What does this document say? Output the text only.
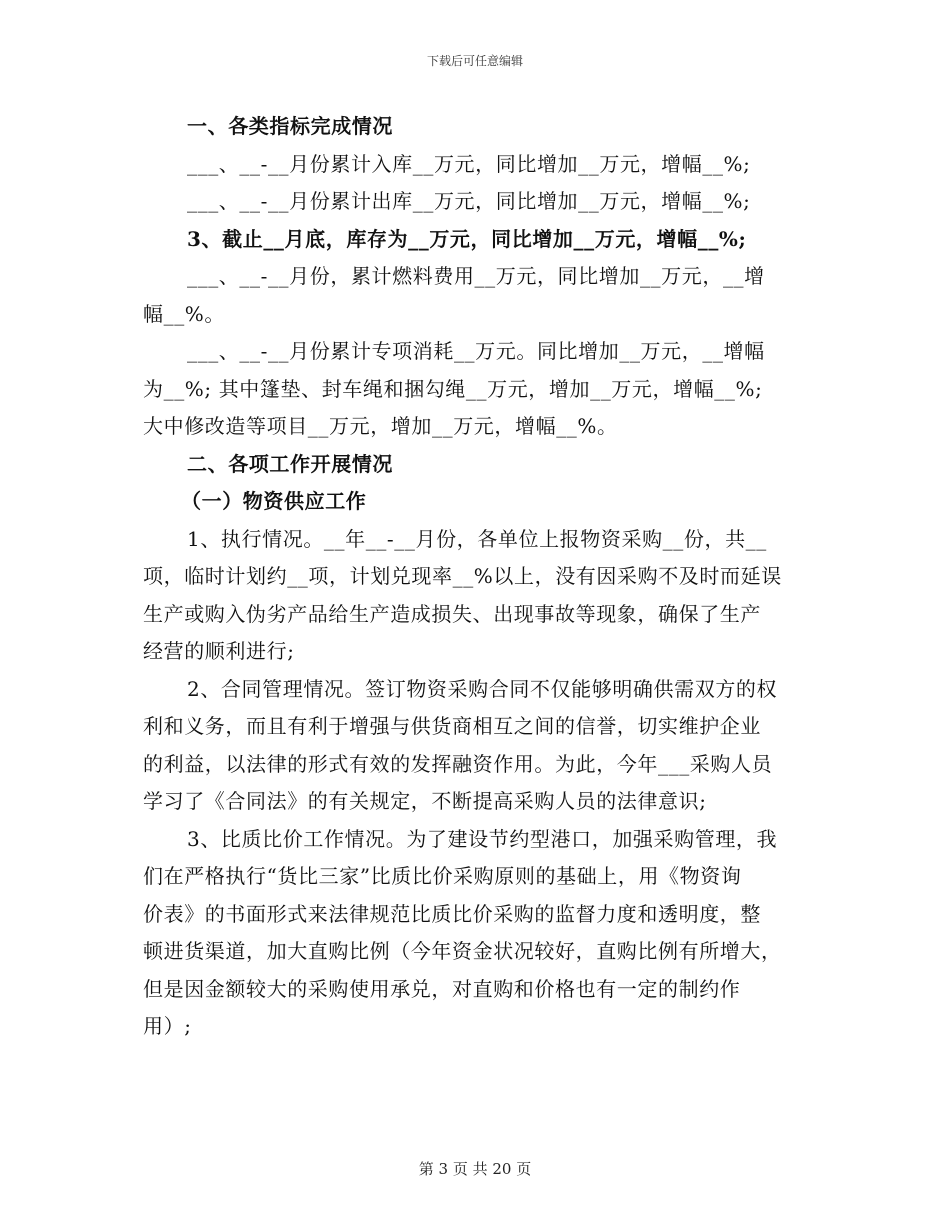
下载后可任意编辑
一、各类指标完成情况
___、__-__月份累计入库__万元，同比增加__万元，增幅__%;
___、__-__月份累计出库__万元，同比增加__万元，增幅__%;
3、截止__月底，库存为__万元，同比增加__万元，增幅__%;
___、__-__月份，累计燃料费用__万元，同比增加__万元，__增
幅__%。
___、__-__月份累计专项消耗__万元。同比增加__万元，__增幅
为__%; 其中篷垫、封车绳和捆勾绳__万元，增加__万元，增幅__%;
大中修改造等项目__万元，增加__万元，增幅__%。
二、各项工作开展情况
（一）物资供应工作
1、执行情况。__年__-__月份，各单位上报物资采购__份，共__
项，临时计划约__项，计划兑现率__%以上，没有因采购不及时而延误
生产或购入伪劣产品给生产造成损失、出现事故等现象，确保了生产
经营的顺利进行;
2、合同管理情况。签订物资采购合同不仅能够明确供需双方的权
利和义务，而且有利于增强与供货商相互之间的信誉，切实维护企业
的利益，以法律的形式有效的发挥融资作用。为此，今年___采购人员
学习了《合同法》的有关规定，不断提高采购人员的法律意识;
3、比质比价工作情况。为了建设节约型港口，加强采购管理，我
们在严格执行“货比三家”比质比价采购原则的基础上，用《物资询
价表》的书面形式来法律规范比质比价采购的监督力度和透明度，整
顿进货渠道，加大直购比例（今年资金状况较好，直购比例有所增大，
但是因金额较大的采购使用承兑，对直购和价格也有一定的制约作
用）;
第 3 页 共 20 页
